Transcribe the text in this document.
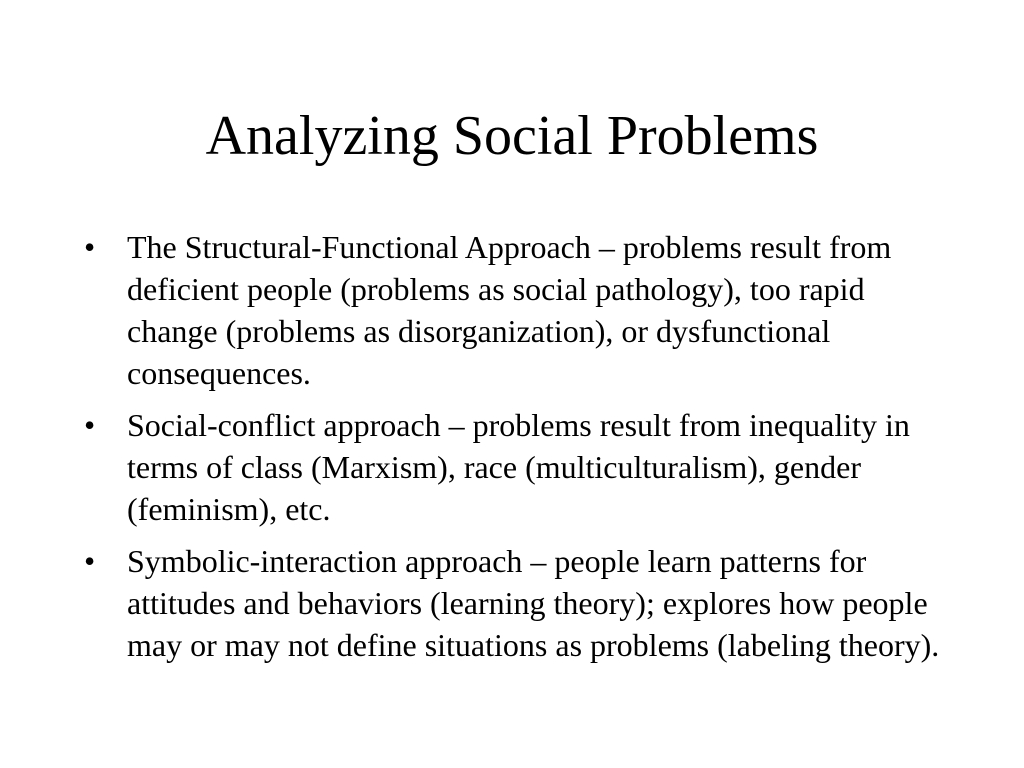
Analyzing Social Problems
• The Structural-Functional Approach – problems result from deficient people (problems as social pathology), too rapid change (problems as disorganization), or dysfunctional consequences.
• Social-conflict approach – problems result from inequality in terms of class (Marxism), race (multiculturalism), gender (feminism), etc.
• Symbolic-interaction approach – people learn patterns for attitudes and behaviors (learning theory); explores how people may or may not define situations as problems (labeling theory).
